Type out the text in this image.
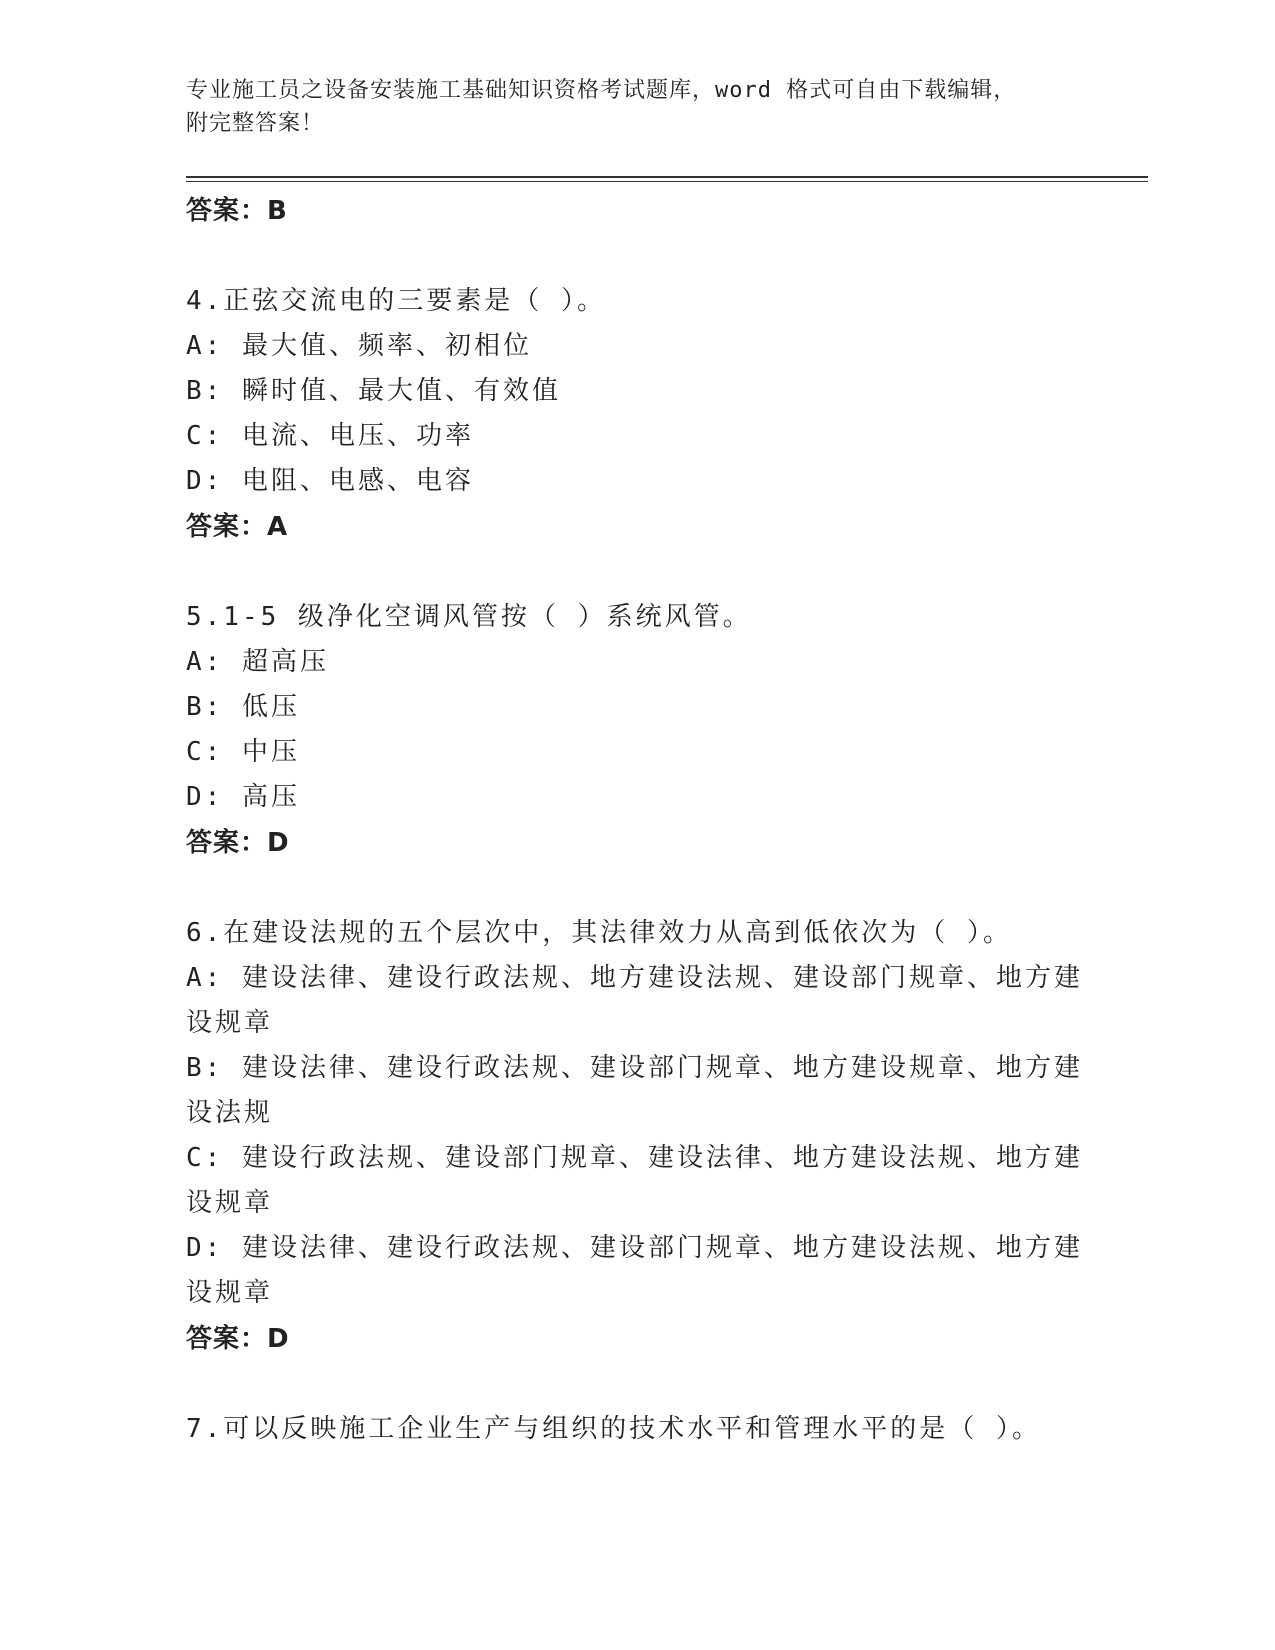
专业施工员之设备安装施工基础知识资格考试题库，word 格式可自由下载编辑，
附完整答案！
答案：B
4.正弦交流电的三要素是（ ）。
A: 最大值、频率、初相位
B: 瞬时值、最大值、有效值
C: 电流、电压、功率
D: 电阻、电感、电容
答案：A
5.1-5 级净化空调风管按（ ）系统风管。
A: 超高压
B: 低压
C: 中压
D: 高压
答案：D
6.在建设法规的五个层次中，其法律效力从高到低依次为（ ）。
A: 建设法律、建设行政法规、地方建设法规、建设部门规章、地方建设规章
B: 建设法律、建设行政法规、建设部门规章、地方建设规章、地方建设法规
C: 建设行政法规、建设部门规章、建设法律、地方建设法规、地方建设规章
D: 建设法律、建设行政法规、建设部门规章、地方建设法规、地方建设规章
答案：D
7.可以反映施工企业生产与组织的技术水平和管理水平的是（ ）。
